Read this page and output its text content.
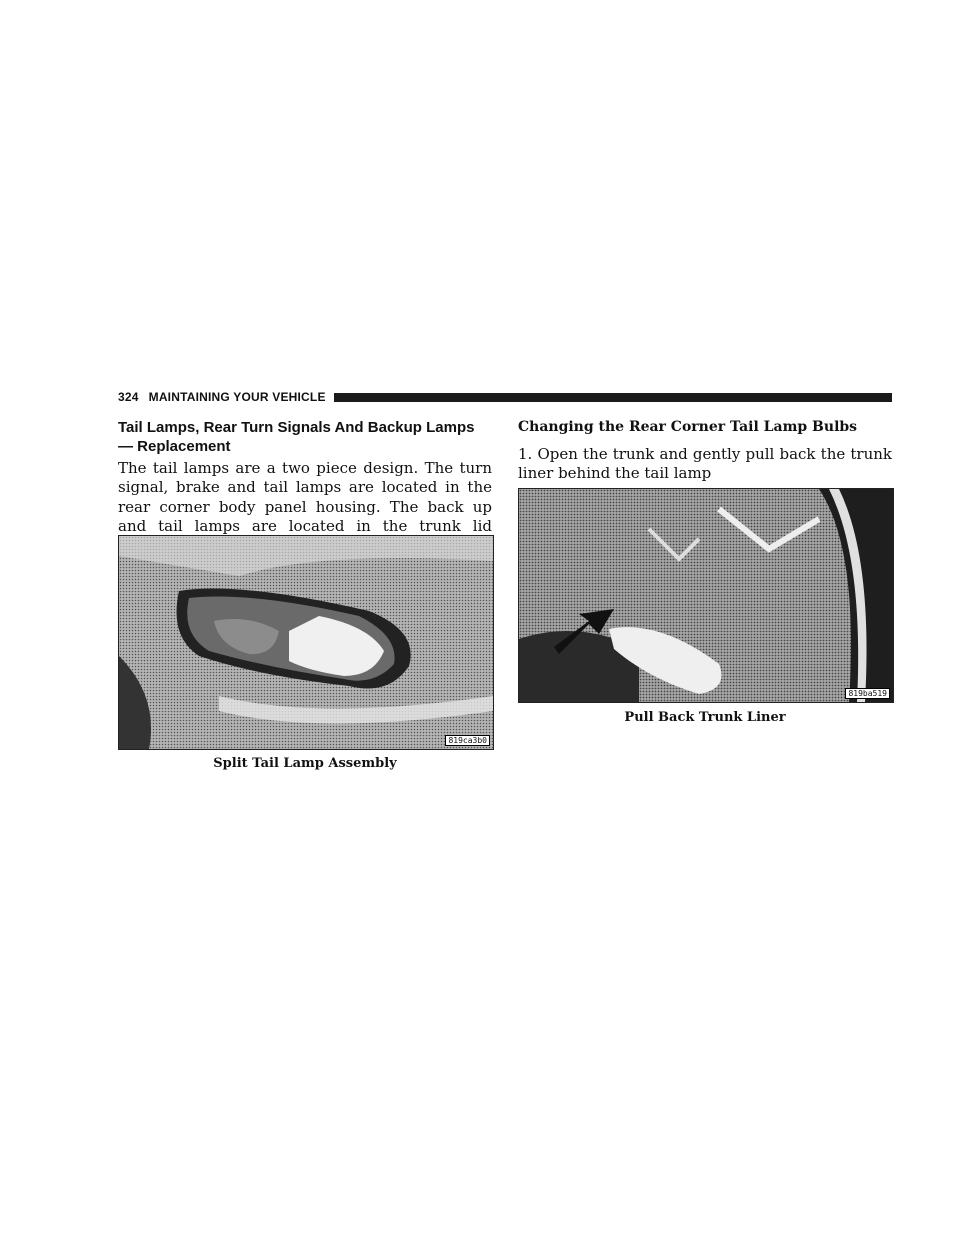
324 MAINTAINING YOUR VEHICLE
Tail Lamps, Rear Turn Signals And Backup Lamps — Replacement

The tail lamps are a two piece design. The turn signal, brake and tail lamps are located in the rear corner body panel housing. The back up and tail lamps are located in the trunk lid

819ca3b0
Split Tail Lamp Assembly
Changing the Rear Corner Tail Lamp Bulbs

1. Open the trunk and gently pull back the trunk liner behind the tail lamp

819ba519
Pull Back Trunk Liner
